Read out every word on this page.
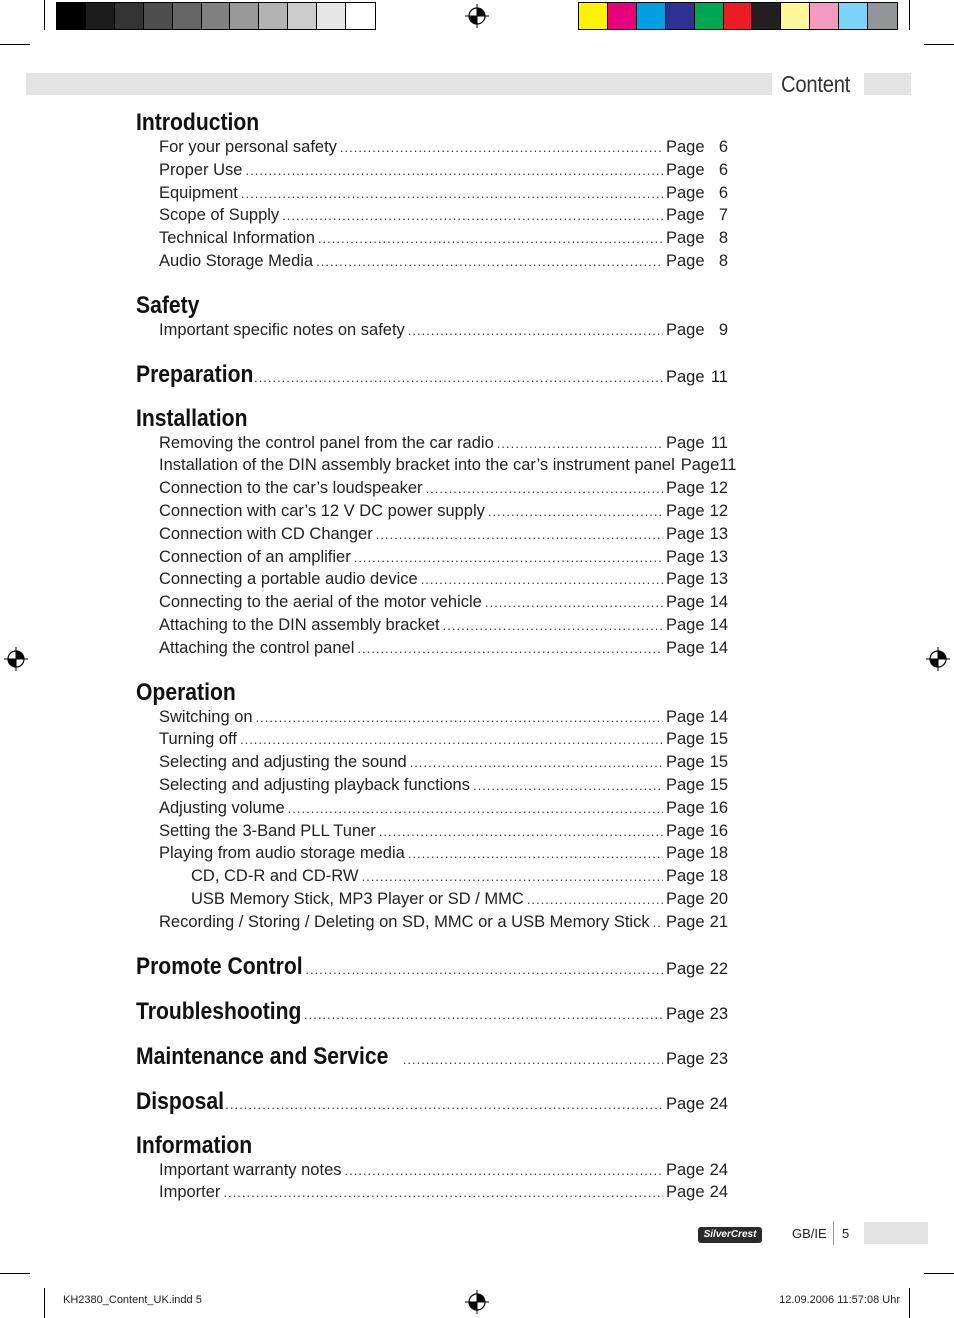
Content
Introduction
For your personal safety .....	Page 6
Proper Use .....	Page 6
Equipment .....	Page 6
Scope of Supply .....	Page 7
Technical Information .....	Page 8
Audio Storage Media .....	Page 8
Safety
Important specific notes on safety .....	Page 9
Preparation .....	Page 11
Installation
Removing the control panel from the car radio .....	Page 11
Installation of the DIN assembly bracket into the car’s instrument panel Page 11
Connection to the car’s loudspeaker .....	Page 12
Connection with car’s 12 V DC power supply .....	Page 12
Connection with CD Changer .....	Page 13
Connection of an amplifier .....	Page 13
Connecting a portable audio device .....	Page 13
Connecting to the aerial of the motor vehicle .....	Page 14
Attaching to the DIN assembly bracket .....	Page 14
Attaching the control panel .....	Page 14
Operation
Switching on .....	Page 14
Turning off .....	Page 15
Selecting and adjusting the sound .....	Page 15
Selecting and adjusting playback functions .....	Page 15
Adjusting volume .....	Page 16
Setting the 3-Band PLL Tuner .....	Page 16
Playing from audio storage media .....	Page 18
CD, CD-R and CD-RW .....	Page 18
USB Memory Stick, MP3 Player or SD / MMC .....	Page 20
Recording / Storing / Deleting on SD, MMC or a USB Memory Stick ..... Page 21
Promote Control .....	Page 22
Troubleshooting .....	Page 23
Maintenance and Service .....	Page 23
Disposal .....	Page 24
Information
Important warranty notes .....	Page 24
Importer .....	Page 24
SilverCrest	GB/IE 5
KH2380_Content_UK.indd 5	12.09.2006 11:57:08 Uhr
